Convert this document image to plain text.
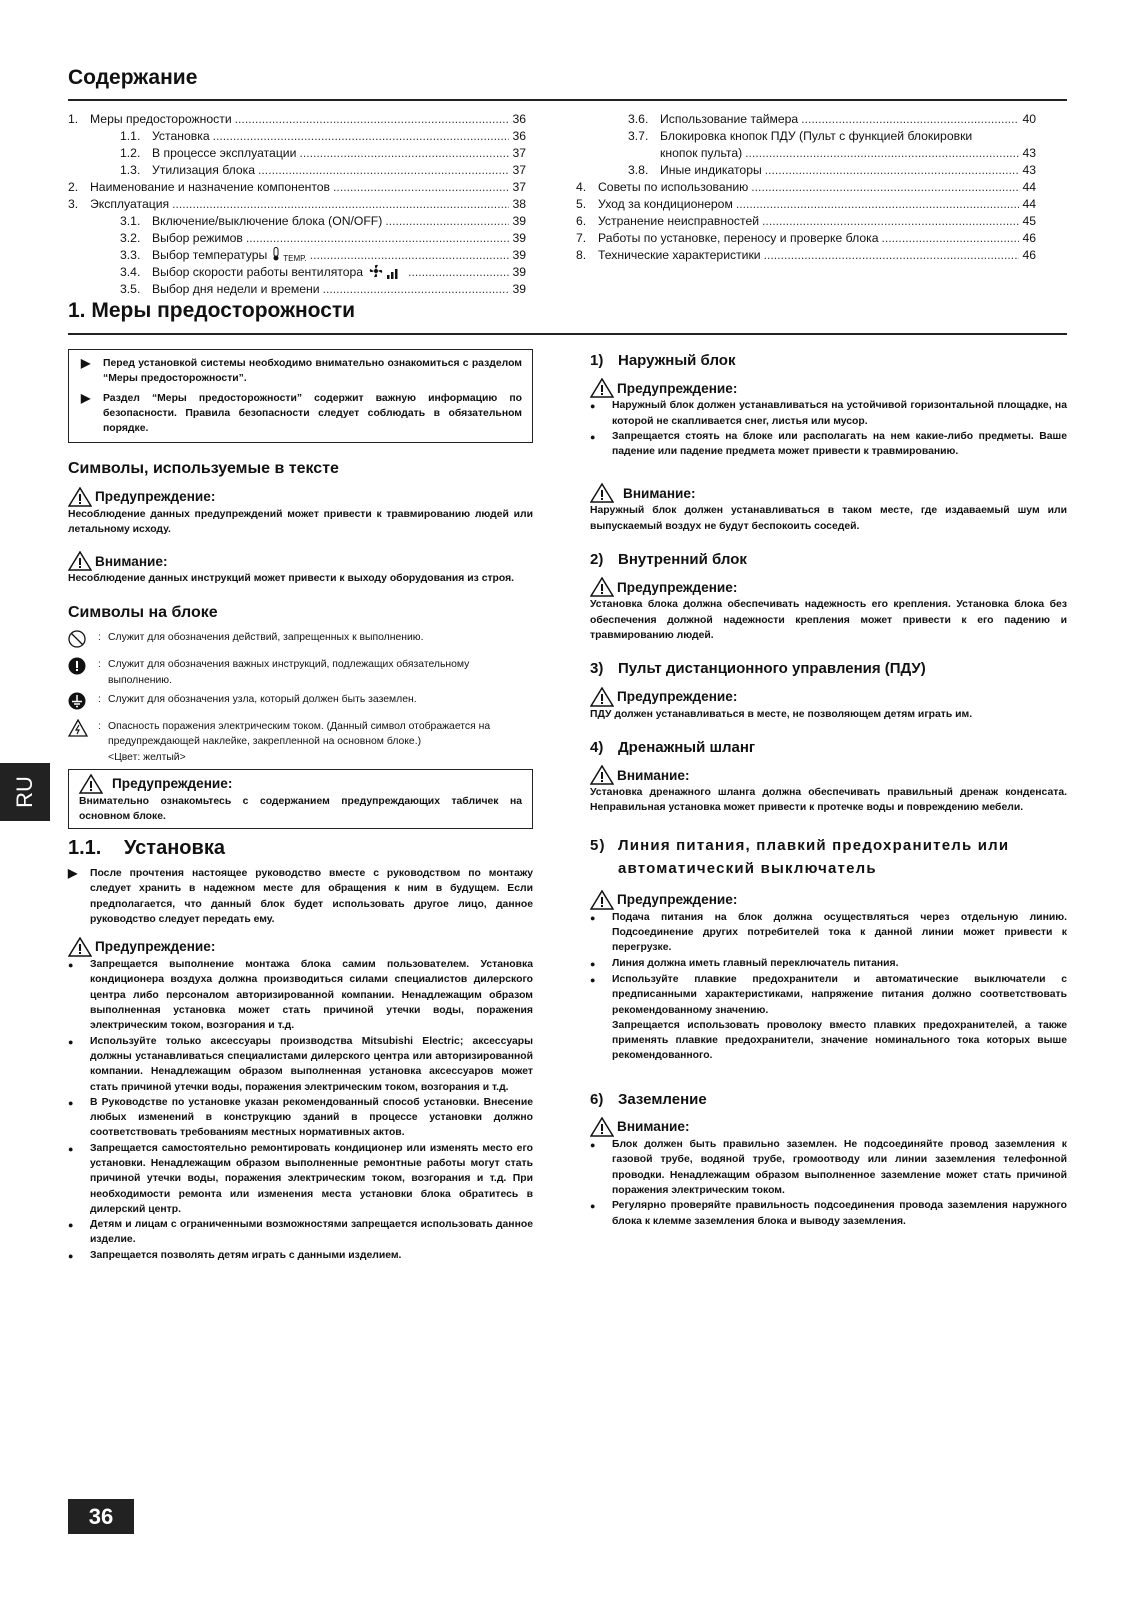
Содержание
1. Меры предосторожности .....	36
1.1. Установка .....	36
1.2. В процессе эксплуатации .....	37
1.3. Утилизация блока .....	37
2. Наименование и назначение компонентов .....	37
3. Эксплуатация .....	38
3.1. Включение/выключение блока (ON/OFF) .....	39
3.2. Выбор режимов .....	39
3.3. Выбор температуры TEMP. .....	39
3.4. Выбор скорости работы вентилятора .....	39
3.5. Выбор дня недели и времени .....	39
3.6. Использование таймера .....	40
3.7. Блокировка кнопок ПДУ (Пульт с функцией блокировки
кнопок пульта) .....	43
3.8. Иные индикаторы .....	43
4. Советы по использованию .....	44
5. Уход за кондиционером .....	44
6. Устранение неисправностей .....	45
7. Работы по установке, переносу и проверке блока .....	46
8. Технические характеристики .....	46
1. Меры предосторожности
▶	Перед установкой системы необходимо внимательно ознакомиться с разделом “Меры предосторожности”.
▶	Раздел “Меры предосторожности” содержит важную информацию по безопасности. Правила безопасности следует соблюдать в обязательном порядке.
Символы, используемые в тексте
Предупреждение:
Несоблюдение данных предупреждений может привести к травмированию людей или летальному исходу.
Внимание:
Несоблюдение данных инструкций может привести к выходу оборудования из строя.
Символы на блоке
: Служит для обозначения действий, запрещенных к выполнению.
: Служит для обозначения важных инструкций, подлежащих обязательному выполнению.
: Служит для обозначения узла, который должен быть заземлен.
: Опасность поражения электрическим током. (Данный символ отображается на предупреждающей наклейке, закрепленной на основном блоке.)
<Цвет: желтый>
Предупреждение:
Внимательно ознакомьтесь с содержанием предупреждающих табличек на основном блоке.
1.1. Установка
▶	После прочтения настоящее руководство вместе с руководством по монтажу следует хранить в надежном месте для обращения к ним в будущем. Если предполагается, что данный блок будет использовать другое лицо, данное руководство следует передать ему.
Предупреждение:
●	Запрещается выполнение монтажа блока самим пользователем. Установка кондиционера воздуха должна производиться силами специалистов дилерского центра либо персоналом авторизированной компании. Ненадлежащим образом выполненная установка может стать причиной утечки воды, поражения электрическим током, возгорания и т.д.
●	Используйте только аксессуары производства Mitsubishi Electric; аксессуары должны устанавливаться специалистами дилерского центра или авторизированной компании. Ненадлежащим образом выполненная установка аксессуаров может стать причиной утечки воды, поражения электрическим током, возгорания и т.д.
●	В Руководстве по установке указан рекомендованный способ установки. Внесение любых изменений в конструкцию зданий в процессе установки должно соответствовать требованиям местных нормативных актов.
●	Запрещается самостоятельно ремонтировать кондиционер или изменять место его установки. Ненадлежащим образом выполненные ремонтные работы могут стать причиной утечки воды, поражения электрическим током, возгорания и т.д. При необходимости ремонта или изменения места установки блока обратитесь в дилерский центр.
●	Детям и лицам с ограниченными возможностями запрещается использовать данное изделие.
●	Запрещается позволять детям играть с данными изделием.
1) Наружный блок
Предупреждение:
●	Наружный блок должен устанавливаться на устойчивой горизонтальной площадке, на которой не скапливается снег, листья или мусор.
●	Запрещается стоять на блоке или располагать на нем какие-либо предметы. Ваше падение или падение предмета может привести к травмированию.
Внимание:
Наружный блок должен устанавливаться в таком месте, где издаваемый шум или выпускаемый воздух не будут беспокоить соседей.
2) Внутренний блок
Предупреждение:
Установка блока должна обеспечивать надежность его крепления. Установка блока без обеспечения должной надежности крепления может привести к его падению и травмированию людей.
3) Пульт дистанционного управления (ПДУ)
Предупреждение:
ПДУ должен устанавливаться в месте, не позволяющем детям играть им.
4) Дренажный шланг
Внимание:
Установка дренажного шланга должна обеспечивать правильный дренаж конденсата. Неправильная установка может привести к протечке воды и повреждению мебели.
5) Линия питания, плавкий предохранитель или
автоматический выключатель
Предупреждение:
●	Подача питания на блок должна осуществляться через отдельную линию. Подсоединение других потребителей тока к данной линии может привести к перегрузке.
●	Линия должна иметь главный переключатель питания.
●	Используйте плавкие предохранители и автоматические выключатели с предписанными характеристиками, напряжение питания должно соответствовать рекомендованному значению.
Запрещается использовать проволоку вместо плавких предохранителей, а также применять плавкие предохранители, значение номинального тока которых выше рекомендованного.
6) Заземление
Внимание:
●	Блок должен быть правильно заземлен. Не подсоединяйте провод заземления к газовой трубе, водяной трубе, громоотводу или линии заземления телефонной проводки. Ненадлежащим образом выполненное заземление может стать причиной поражения электрическим током.
●	Регулярно проверяйте правильность подсоединения провода заземления наружного блока к клемме заземления блока и выводу заземления.
RU
36
